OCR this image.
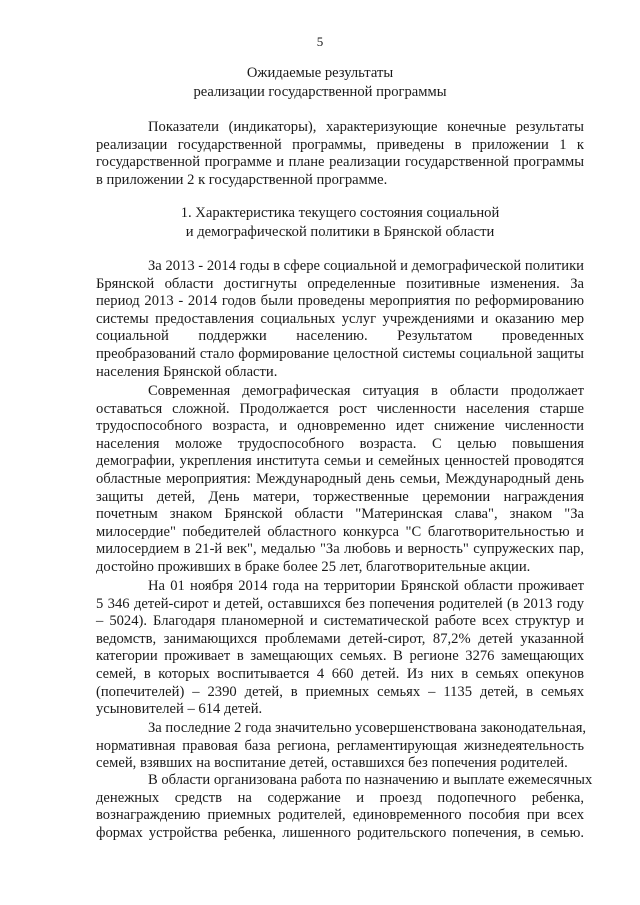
5
Ожидаемые результаты
реализации государственной программы

Показатели (индикаторы), характеризующие конечные результаты
реализации государственной программы, приведены в приложении 1 к
государственной программе и плане реализации государственной программы
в приложении 2 к государственной программе.

1. Характеристика текущего состояния социальной
и демографической политики в Брянской области

За 2013 - 2014 годы в сфере социальной и демографической политики
Брянской области достигнуты определенные позитивные изменения. За
период 2013 - 2014 годов были проведены мероприятия по реформированию
системы предоставления социальных услуг учреждениями и оказанию мер
социальной поддержки населению. Результатом проведенных
преобразований стало формирование целостной системы социальной защиты
населения Брянской области.

Современная демографическая ситуация в области продолжает
оставаться сложной. Продолжается рост численности населения старше
трудоспособного возраста, и одновременно идет снижение численности
населения моложе трудоспособного возраста. С целью повышения
демографии, укрепления института семьи и семейных ценностей проводятся
областные мероприятия: Международный день семьи, Международный день
защиты детей, День матери, торжественные церемонии награждения
почетным знаком Брянской области "Материнская слава", знаком "За
милосердие" победителей областного конкурса "С благотворительностью и
милосердием в 21-й век", медалью "За любовь и верность" супружеских пар,
достойно проживших в браке более 25 лет, благотворительные акции.

На 01 ноября 2014 года на территории Брянской области проживает
5 346 детей-сирот и детей, оставшихся без попечения родителей (в 2013 году
– 5024). Благодаря планомерной и систематической работе всех структур и
ведомств, занимающихся проблемами детей-сирот, 87,2% детей указанной
категории проживает в замещающих семьях. В регионе 3276 замещающих
семей, в которых воспитывается 4 660 детей. Из них в семьях опекунов
(попечителей) – 2390 детей, в приемных семьях – 1135 детей, в семьях
усыновителей – 614 детей.

За последние 2 года значительно усовершенствована законодательная,
нормативная правовая база региона, регламентирующая жизнедеятельность
семей, взявших на воспитание детей, оставшихся без попечения родителей.

В области организована работа по назначению и выплате ежемесячных
денежных средств на содержание и проезд подопечного ребенка,
вознаграждению приемных родителей, единовременного пособия при всех
формах устройства ребенка, лишенного родительского попечения, в семью.
